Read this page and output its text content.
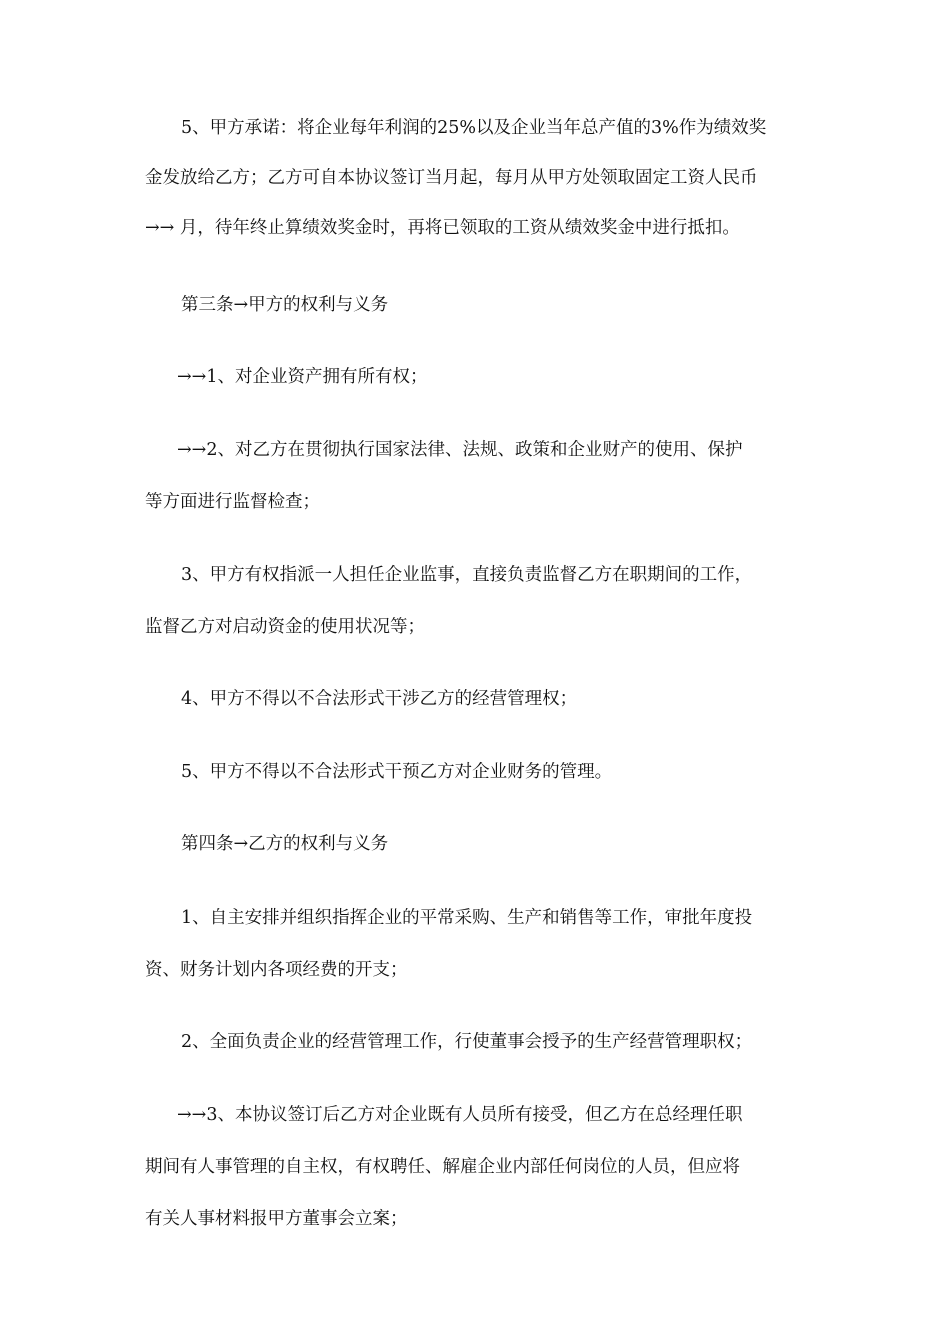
5、甲方承诺：将企业每年利润的25%以及企业当年总产值的3%作为绩效奖
金发放给乙方；乙方可自本协议签订当月起，每月从甲方处领取固定工资人民币
→→ 月，待年终止算绩效奖金时，再将已领取的工资从绩效奖金中进行抵扣。
第三条→甲方的权利与义务
→→1、对企业资产拥有所有权；
→→2、对乙方在贯彻执行国家法律、法规、政策和企业财产的使用、保护
等方面进行监督检查；
3、甲方有权指派一人担任企业监事，直接负责监督乙方在职期间的工作，
监督乙方对启动资金的使用状况等；
4、甲方不得以不合法形式干涉乙方的经营管理权；
5、甲方不得以不合法形式干预乙方对企业财务的管理。
第四条→乙方的权利与义务
1、自主安排并组织指挥企业的平常采购、生产和销售等工作，审批年度投
资、财务计划内各项经费的开支；
2、全面负责企业的经营管理工作，行使董事会授予的生产经营管理职权；
→→3、本协议签订后乙方对企业既有人员所有接受，但乙方在总经理任职
期间有人事管理的自主权，有权聘任、解雇企业内部任何岗位的人员，但应将
有关人事材料报甲方董事会立案；
